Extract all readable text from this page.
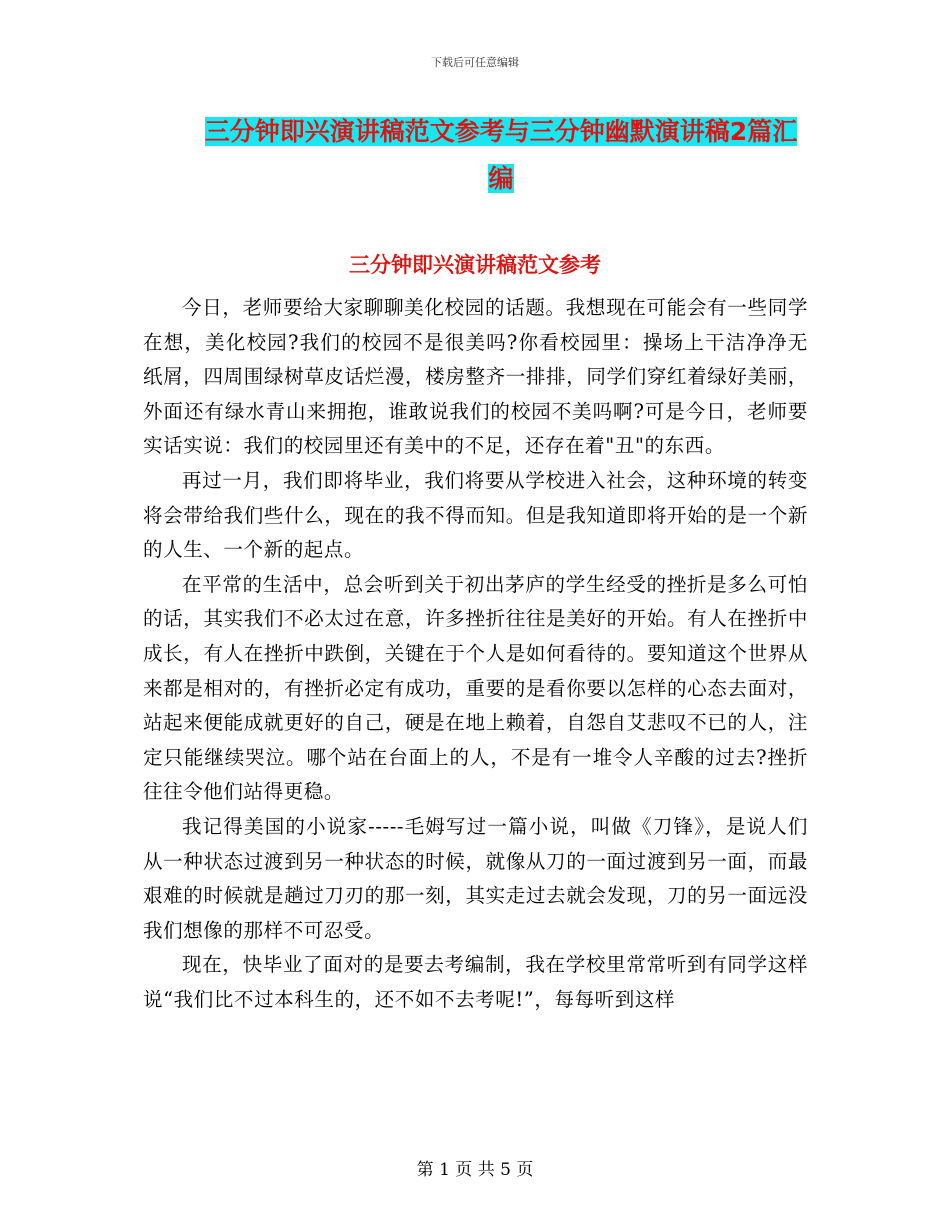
下载后可任意编辑
三分钟即兴演讲稿范文参考与三分钟幽默演讲稿2篇汇编
三分钟即兴演讲稿范文参考

今日，老师要给大家聊聊美化校园的话题。我想现在可能会有一些同学在想，美化校园?我们的校园不是很美吗?你看校园里：操场上干洁净净无纸屑，四周围绿树草皮话烂漫，楼房整齐一排排，同学们穿红着绿好美丽，外面还有绿水青山来拥抱，谁敢说我们的校园不美吗啊?可是今日，老师要实话实说：我们的校园里还有美中的不足，还存在着"丑"的东西。

再过一月，我们即将毕业，我们将要从学校进入社会，这种环境的转变将会带给我们些什么，现在的我不得而知。但是我知道即将开始的是一个新的人生、一个新的起点。

在平常的生活中，总会听到关于初出茅庐的学生经受的挫折是多么可怕的话，其实我们不必太过在意，许多挫折往往是美好的开始。有人在挫折中成长，有人在挫折中跌倒，关键在于个人是如何看待的。要知道这个世界从来都是相对的，有挫折必定有成功，重要的是看你要以怎样的心态去面对，站起来便能成就更好的自己，硬是在地上赖着，自怨自艾悲叹不已的人，注定只能继续哭泣。哪个站在台面上的人，不是有一堆令人辛酸的过去?挫折往往令他们站得更稳。

我记得美国的小说家-----毛姆写过一篇小说，叫做《刀锋》，是说人们从一种状态过渡到另一种状态的时候，就像从刀的一面过渡到另一面，而最艰难的时候就是趟过刀刃的那一刻，其实走过去就会发现，刀的另一面远没我们想像的那样不可忍受。

现在，快毕业了面对的是要去考编制，我在学校里常常听到有同学这样说“我们比不过本科生的，还不如不去考呢!”，每每听到这样

第 1 页 共 5 页
